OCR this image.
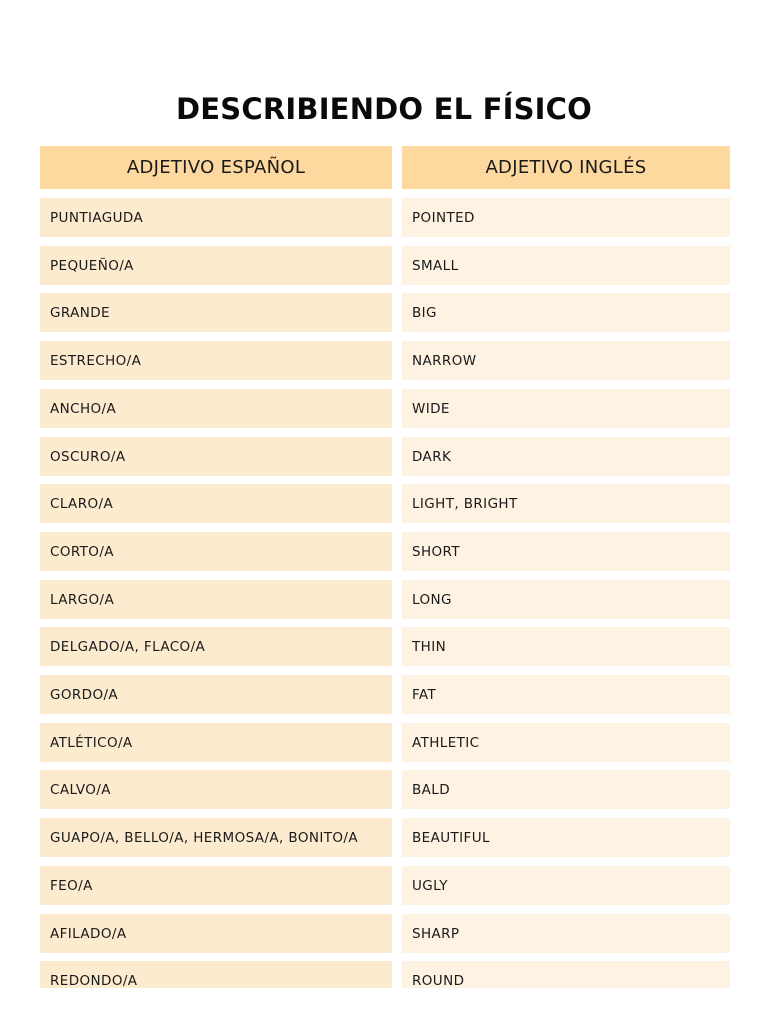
DESCRIBIENDO EL FÍSICO
ADJETIVO ESPAÑOL	ADJETIVO INGLÉS
PUNTIAGUDA	POINTED
PEQUEÑO/A	SMALL
GRANDE	BIG
ESTRECHO/A	NARROW
ANCHO/A	WIDE
OSCURO/A	DARK
CLARO/A	LIGHT, BRIGHT
CORTO/A	SHORT
LARGO/A	LONG
DELGADO/A, FLACO/A	THIN
GORDO/A	FAT
ATLÉTICO/A	ATHLETIC
CALVO/A	BALD
GUAPO/A, BELLO/A, HERMOSA/A, BONITO/A	BEAUTIFUL
FEO/A	UGLY
AFILADO/A	SHARP
REDONDO/A	ROUND
